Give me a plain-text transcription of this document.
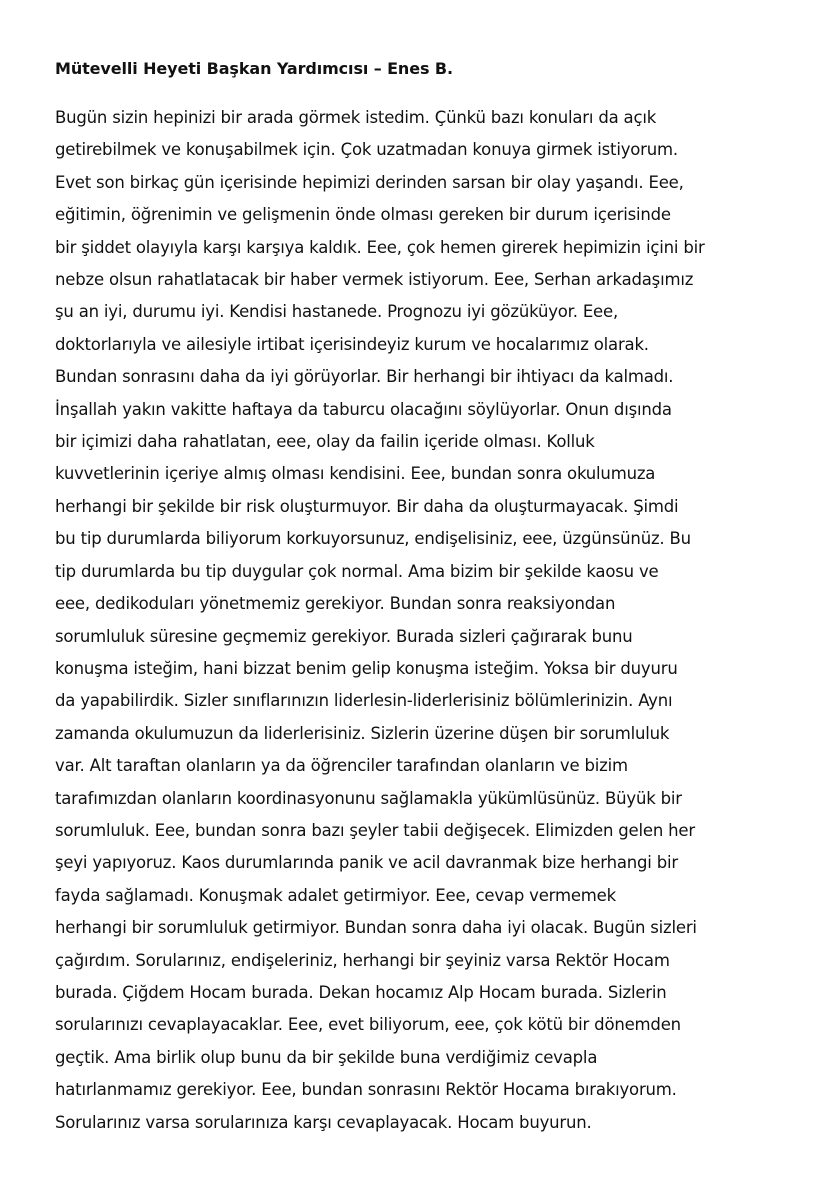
Mütevelli Heyeti Başkan Yardımcısı – Enes B.

Bugün sizin hepinizi bir arada görmek istedim. Çünkü bazı konuları da açık
getirebilmek ve konuşabilmek için. Çok uzatmadan konuya girmek istiyorum.
Evet son birkaç gün içerisinde hepimizi derinden sarsan bir olay yaşandı. Eee,
eğitimin, öğrenimin ve gelişmenin önde olması gereken bir durum içerisinde
bir şiddet olayıyla karşı karşıya kaldık. Eee, çok hemen girerek hepimizin içini bir
nebze olsun rahatlatacak bir haber vermek istiyorum. Eee, Serhan arkadaşımız
şu an iyi, durumu iyi. Kendisi hastanede. Prognozu iyi gözüküyor. Eee,
doktorlarıyla ve ailesiyle irtibat içerisindeyiz kurum ve hocalarımız olarak.
Bundan sonrasını daha da iyi görüyorlar. Bir herhangi bir ihtiyacı da kalmadı.
İnşallah yakın vakitte haftaya da taburcu olacağını söylüyorlar. Onun dışında
bir içimizi daha rahatlatan, eee, olay da failin içeride olması. Kolluk
kuvvetlerinin içeriye almış olması kendisini. Eee, bundan sonra okulumuza
herhangi bir şekilde bir risk oluşturmuyor. Bir daha da oluşturmayacak. Şimdi
bu tip durumlarda biliyorum korkuyorsunuz, endişelisiniz, eee, üzgünsünüz. Bu
tip durumlarda bu tip duygular çok normal. Ama bizim bir şekilde kaosu ve
eee, dedikoduları yönetmemiz gerekiyor. Bundan sonra reaksiyondan
sorumluluk süresine geçmemiz gerekiyor. Burada sizleri çağırarak bunu
konuşma isteğim, hani bizzat benim gelip konuşma isteğim. Yoksa bir duyuru
da yapabilirdik. Sizler sınıflarınızın liderlesin-liderlerisiniz bölümlerinizin. Aynı
zamanda okulumuzun da liderlerisiniz. Sizlerin üzerine düşen bir sorumluluk
var. Alt taraftan olanların ya da öğrenciler tarafından olanların ve bizim
tarafımızdan olanların koordinasyonunu sağlamakla yükümlüsünüz. Büyük bir
sorumluluk. Eee, bundan sonra bazı şeyler tabii değişecek. Elimizden gelen her
şeyi yapıyoruz. Kaos durumlarında panik ve acil davranmak bize herhangi bir
fayda sağlamadı. Konuşmak adalet getirmiyor. Eee, cevap vermemek
herhangi bir sorumluluk getirmiyor. Bundan sonra daha iyi olacak. Bugün sizleri
çağırdım. Sorularınız, endişeleriniz, herhangi bir şeyiniz varsa Rektör Hocam
burada. Çiğdem Hocam burada. Dekan hocamız Alp Hocam burada. Sizlerin
sorularınızı cevaplayacaklar. Eee, evet biliyorum, eee, çok kötü bir dönemden
geçtik. Ama birlik olup bunu da bir şekilde buna verdiğimiz cevapla
hatırlanmamız gerekiyor. Eee, bundan sonrasını Rektör Hocama bırakıyorum.
Sorularınız varsa sorularınıza karşı cevaplayacak. Hocam buyurun.
